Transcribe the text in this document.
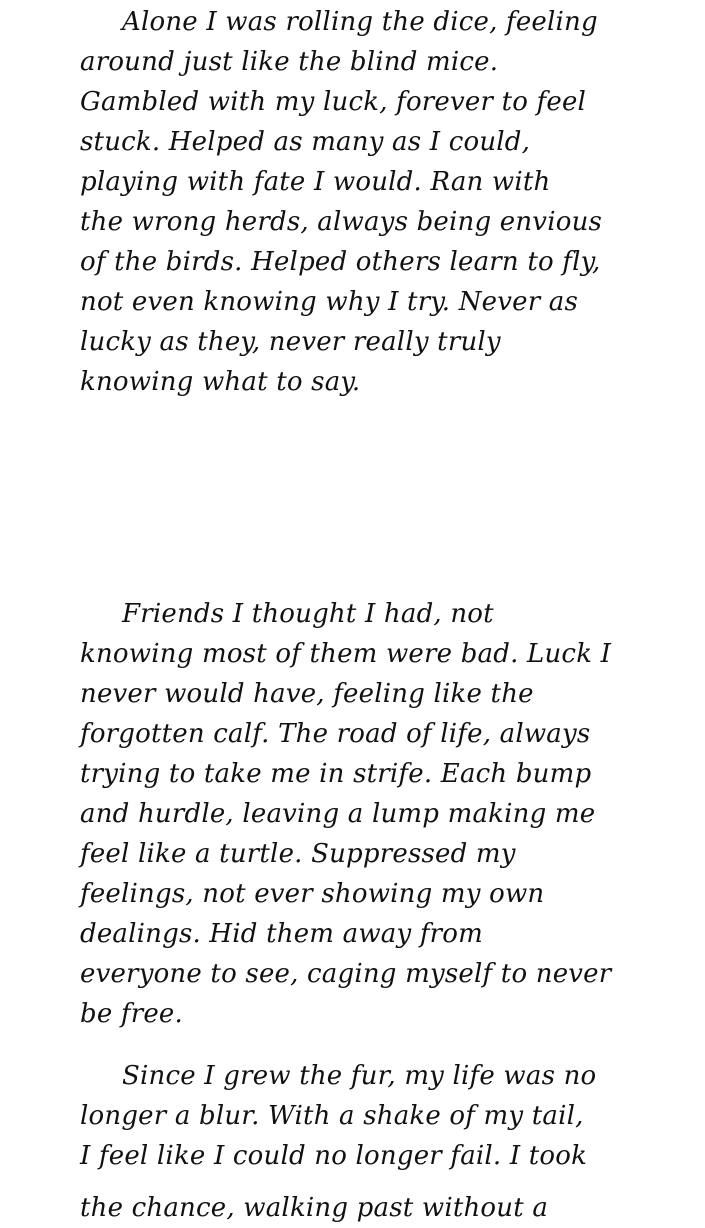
Alone I was rolling the dice, feeling
around just like the blind mice.
Gambled with my luck, forever to feel
stuck. Helped as many as I could,
playing with fate I would. Ran with
the wrong herds, always being envious
of the birds. Helped others learn to fly,
not even knowing why I try. Never as
lucky as they, never really truly
knowing what to say.
Friends I thought I had, not
knowing most of them were bad. Luck I
never would have, feeling like the
forgotten calf. The road of life, always
trying to take me in strife. Each bump
and hurdle, leaving a lump making me
feel like a turtle. Suppressed my
feelings, not ever showing my own
dealings. Hid them away from
everyone to see, caging myself to never
be free.
Since I grew the fur, my life was no
longer a blur. With a shake of my tail,
I feel like I could no longer fail. I took
the chance, walking past without a
